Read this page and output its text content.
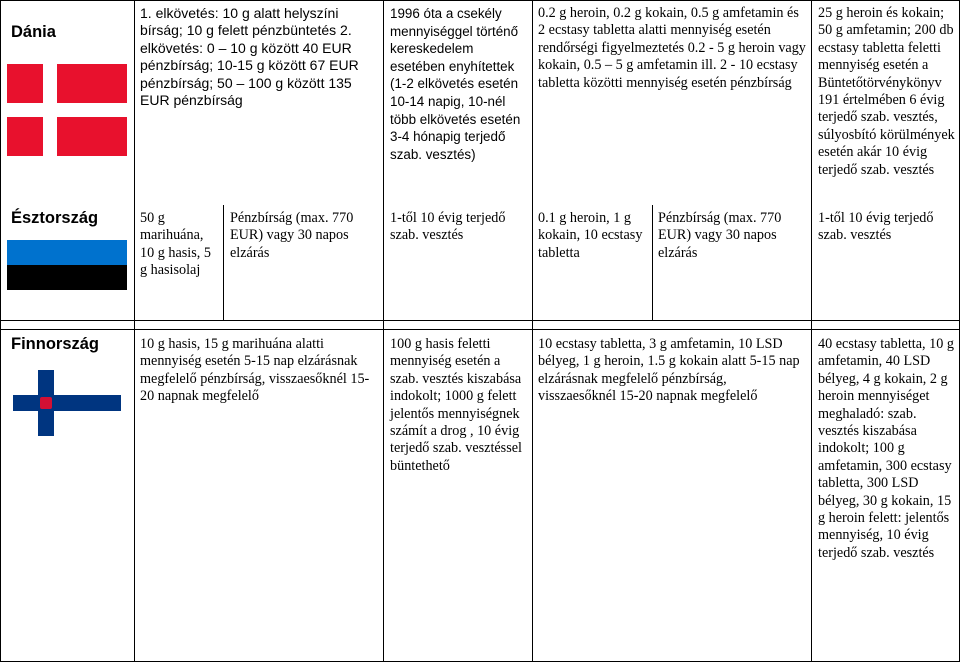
Dánia
1. elkövetés: 10 g alatt helyszíni bírság; 10 g felett pénzbüntetés 2. elkövetés: 0 – 10 g között 40 EUR pénzbírság; 10-15 g között 67 EUR pénzbírság; 50 – 100 g között 135 EUR pénzbírság
1996 óta a csekély mennyiséggel történő kereskedelem esetében enyhítettek (1-2 elkövetés esetén 10-14 napig, 10-nél több elkövetés esetén 3-4 hónapig terjedő szab. vesztés)
0.2 g heroin, 0.2 g kokain, 0.5 g amfetamin és 2 ecstasy tabletta alatti mennyiség esetén rendőrségi figyelmeztetés 0.2 - 5 g heroin vagy kokain, 0.5 – 5 g amfetamin ill. 2 - 10 ecstasy tabletta közötti mennyiség esetén pénzbírság
25 g heroin és kokain; 50 g amfetamin; 200 db ecstasy tabletta feletti mennyiség esetén a Büntetőtörvénykönyv 191 értelmében 6 évig terjedő szab. vesztés, súlyosbító körülmények esetén akár 10 évig terjedő szab. vesztés
Észtország	50 g marihuána, 10 g hasis, 5 g hasisolaj
Pénzbírság (max. 770 EUR) vagy 30 napos elzárás
1-től 10 évig terjedő szab. vesztés
0.1 g heroin, 1 g kokain, 10 ecstasy tabletta
Pénzbírság (max. 770 EUR) vagy 30 napos elzárás
1-től 10 évig terjedő szab. vesztés
Finnország	10 g hasis, 15 g marihuána alatti mennyiség esetén 5-15 nap elzárásnak megfelelő pénzbírság, visszaesőknél 15-20 napnak megfelelő
100 g hasis feletti mennyiség esetén a szab. vesztés kiszabása indokolt; 1000 g felett jelentős mennyiségnek számít a drog , 10 évig terjedő szab. vesztéssel büntethető
10 ecstasy tabletta, 3 g amfetamin, 10 LSD bélyeg, 1 g heroin, 1.5 g kokain alatt 5-15 nap elzárásnak megfelelő pénzbírság, visszaesőknél 15-20 napnak megfelelő
40 ecstasy tabletta, 10 g amfetamin, 40 LSD bélyeg, 4 g kokain, 2 g heroin mennyiséget meghaladó: szab. vesztés kiszabása indokolt; 100 g amfetamin, 300 ecstasy tabletta, 300 LSD bélyeg, 30 g kokain, 15 g heroin felett: jelentős mennyiség, 10 évig terjedő szab. vesztés
